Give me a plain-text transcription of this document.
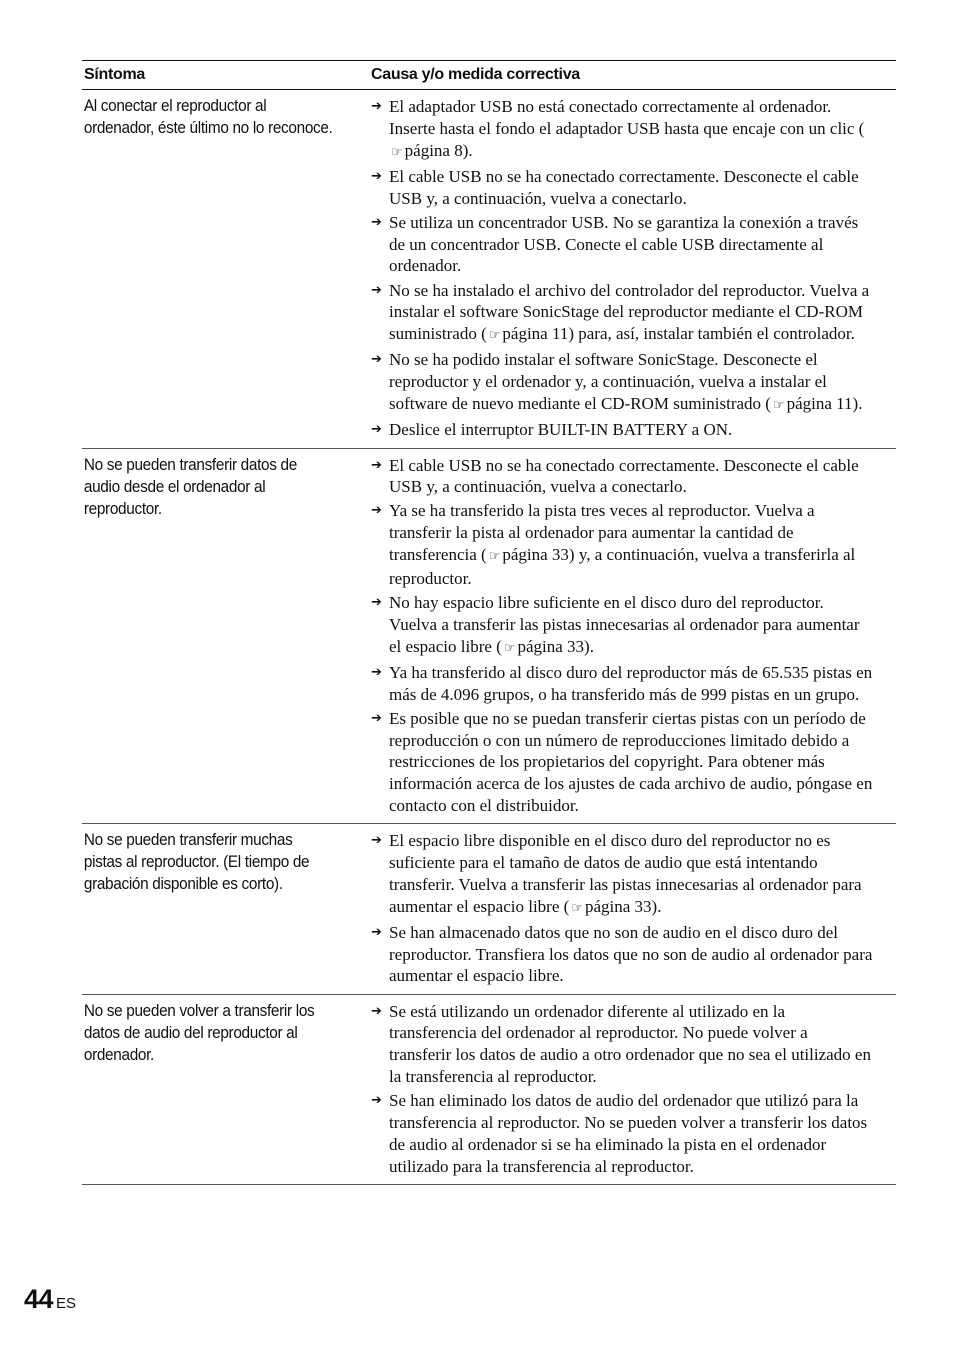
Síntoma	Causa y/o medida correctiva
Al conectar el reproductor al ordenador, éste último no lo reconoce.
➔ El adaptador USB no está conectado correctamente al ordenador. Inserte hasta el fondo el adaptador USB hasta que encaje con un clic (☞ página 8).
➔ El cable USB no se ha conectado correctamente. Desconecte el cable USB y, a continuación, vuelva a conectarlo.
➔ Se utiliza un concentrador USB. No se garantiza la conexión a través de un concentrador USB. Conecte el cable USB directamente al ordenador.
➔ No se ha instalado el archivo del controlador del reproductor. Vuelva a instalar el software SonicStage del reproductor mediante el CD-ROM suministrado ( ☞ página 11) para, así, instalar también el controlador.
➔ No se ha podido instalar el software SonicStage. Desconecte el reproductor y el ordenador y, a continuación, vuelva a instalar el software de nuevo mediante el CD-ROM suministrado ( ☞ página 11).
➔ Deslice el interruptor BUILT-IN BATTERY a ON.
No se pueden transferir datos de audio desde el ordenador al reproductor.
➔ El cable USB no se ha conectado correctamente. Desconecte el cable USB y, a continuación, vuelva a conectarlo.
➔ Ya se ha transferido la pista tres veces al reproductor. Vuelva a transferir la pista al ordenador para aumentar la cantidad de transferencia ( ☞ página 33) y, a continuación, vuelva a transferirla al reproductor.
➔ No hay espacio libre suficiente en el disco duro del reproductor. Vuelva a transferir las pistas innecesarias al ordenador para aumentar el espacio libre ( ☞ página 33).
➔ Ya ha transferido al disco duro del reproductor más de 65.535 pistas en más de 4.096 grupos, o ha transferido más de 999 pistas en un grupo.
➔ Es posible que no se puedan transferir ciertas pistas con un período de reproducción o con un número de reproducciones limitado debido a restricciones de los propietarios del copyright. Para obtener más información acerca de los ajustes de cada archivo de audio, póngase en contacto con el distribuidor.
No se pueden transferir muchas pistas al reproductor. (El tiempo de grabación disponible es corto).
➔ El espacio libre disponible en el disco duro del reproductor no es suficiente para el tamaño de datos de audio que está intentando transferir. Vuelva a transferir las pistas innecesarias al ordenador para aumentar el espacio libre ( ☞ página 33).
➔ Se han almacenado datos que no son de audio en el disco duro del reproductor. Transfiera los datos que no son de audio al ordenador para aumentar el espacio libre.
No se pueden volver a transferir los datos de audio del reproductor al ordenador.
➔ Se está utilizando un ordenador diferente al utilizado en la transferencia del ordenador al reproductor. No puede volver a transferir los datos de audio a otro ordenador que no sea el utilizado en la transferencia al reproductor.
➔ Se han eliminado los datos de audio del ordenador que utilizó para la transferencia al reproductor. No se pueden volver a transferir los datos de audio al ordenador si se ha eliminado la pista en el ordenador utilizado para la transferencia al reproductor.
44 ES
